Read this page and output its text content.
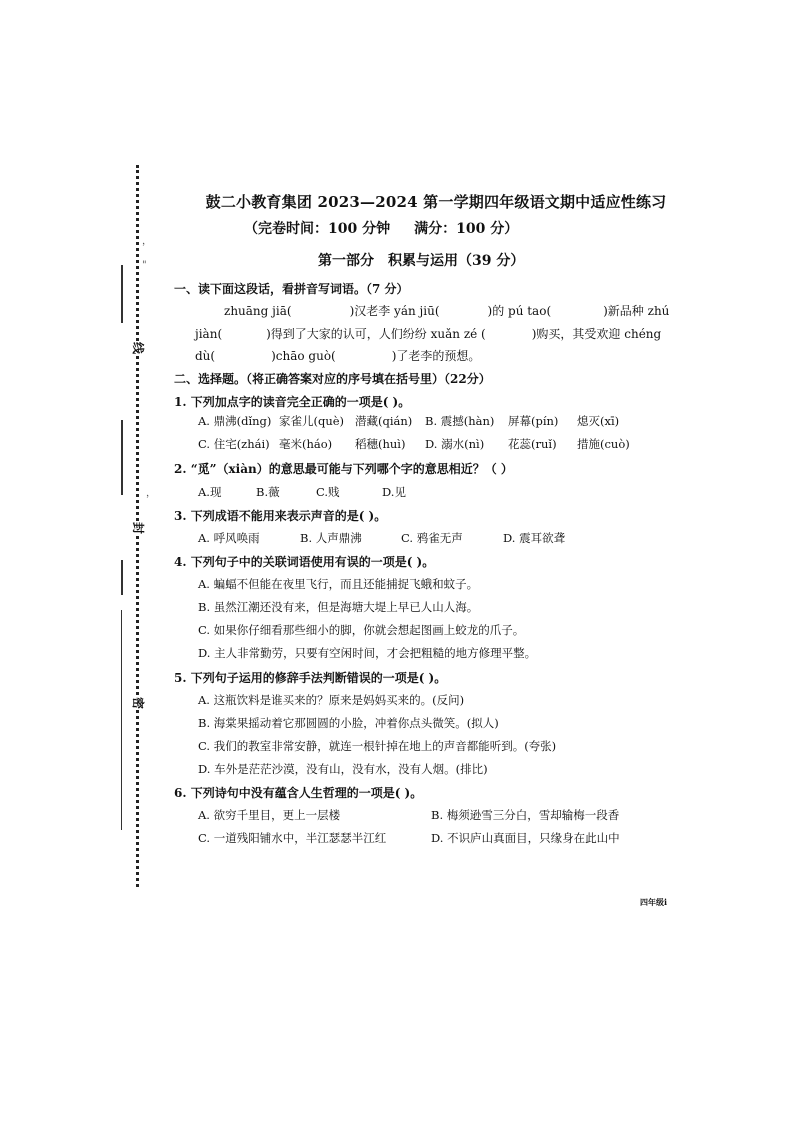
线
封
密
，
"
，
鼓二小教育集团 2023—2024 第一学期四年级语文期中适应性练习
（完卷时间：100 分钟 满分：100 分）
第一部分 积累与运用（39 分）
一、读下面这段话，看拼音写词语。（7 分）
zhuāng jiā(	)汉老李 yán jiū(	)的 pú tao(	)新品种 zhú
jiàn(	)得到了大家的认可，人们纷纷 xuǎn zé (	)购买，其受欢迎 chéng
dù(	)chāo guò(	)了老李的预想。
二、选择题。（将正确答案对应的序号填在括号里）（22分）
1. 下列加点字的读音完全正确的一项是( )。
A. 鼎沸(dǐng) 家雀儿(què) 潜藏(qián) B. 震撼(hàn) 屏幕(pín) 熄灭(xī)
C. 住宅(zhái) 毫米(háo) 稻穗(huì) D. 溺水(nì) 花蕊(ruǐ) 措施(cuò)
2. “觅”（xiàn）的意思最可能与下列哪个字的意思相近？（ ）
A.现	B.薇	C.贱	D.见
3. 下列成语不能用来表示声音的是( )。
A. 呼风唤雨	B. 人声鼎沸	C. 鸦雀无声	D. 震耳欲聋
4. 下列句子中的关联词语使用有误的一项是( )。
A. 蝙蝠不但能在夜里飞行，而且还能捕捉飞蛾和蚊子。
B. 虽然江潮还没有来，但是海塘大堤上早已人山人海。
C. 如果你仔细看那些细小的脚，你就会想起图画上蛟龙的爪子。
D. 主人非常勤劳，只要有空闲时间，才会把粗糙的地方修理平整。
5. 下列句子运用的修辞手法判断错误的一项是( )。
A. 这瓶饮料是谁买来的？原来是妈妈买来的。(反问)
B. 海棠果摇动着它那圆圆的小脸，冲着你点头微笑。(拟人)
C. 我们的教室非常安静，就连一根针掉在地上的声音都能听到。(夸张)
D. 车外是茫茫沙漠，没有山，没有水，没有人烟。(排比)
6. 下列诗句中没有蕴含人生哲理的一项是( )。
A. 欲穷千里目，更上一层楼	B. 梅须逊雪三分白，雪却输梅一段香
C. 一道残阳铺水中，半江瑟瑟半江红	D. 不识庐山真面目，只缘身在此山中
四年级i
